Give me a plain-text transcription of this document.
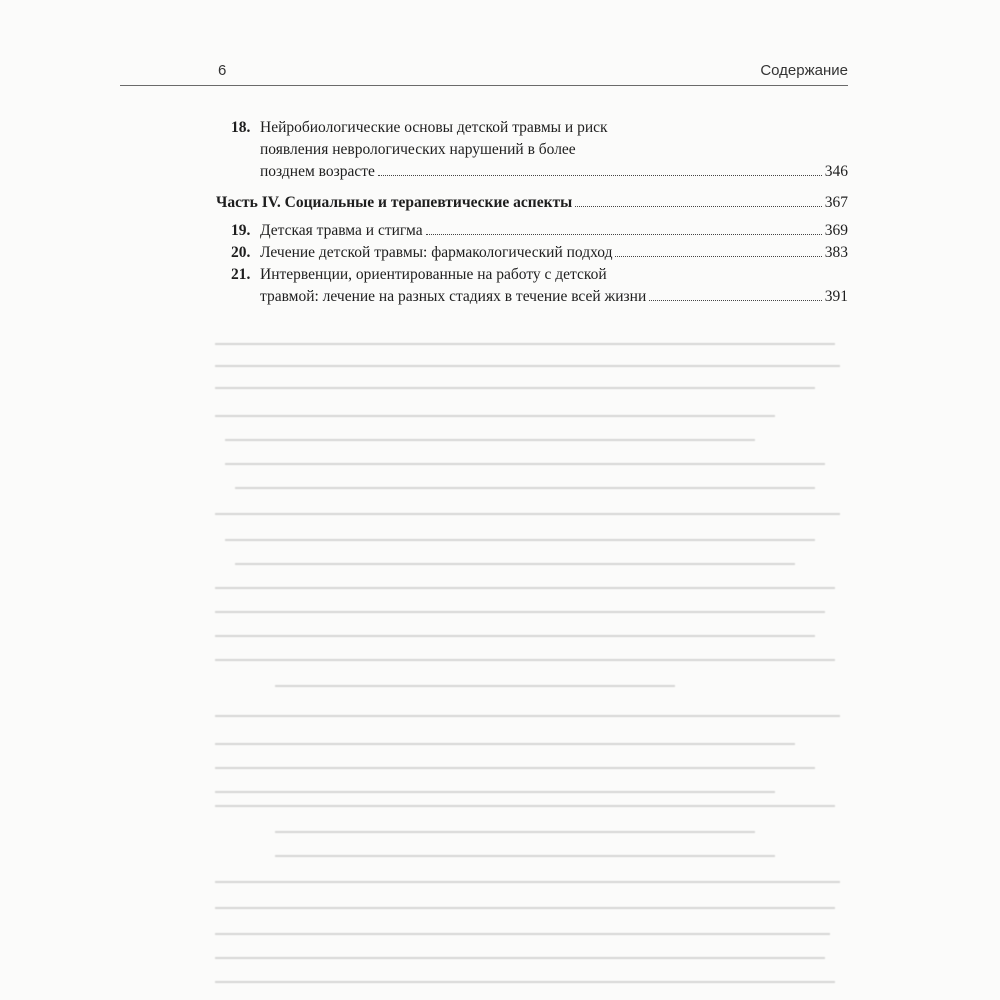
6	Содержание
18. Нейробиологические основы детской травмы и риск
появления неврологических нарушений в более
позднем возрасте	346
Часть IV. Социальные и терапевтические аспекты	367
19. Детская травма и стигма	369
20. Лечение детской травмы: фармакологический подход	383
21. Интервенции, ориентированные на работу с детской
травмой: лечение на разных стадиях в течение всей жизни	391
